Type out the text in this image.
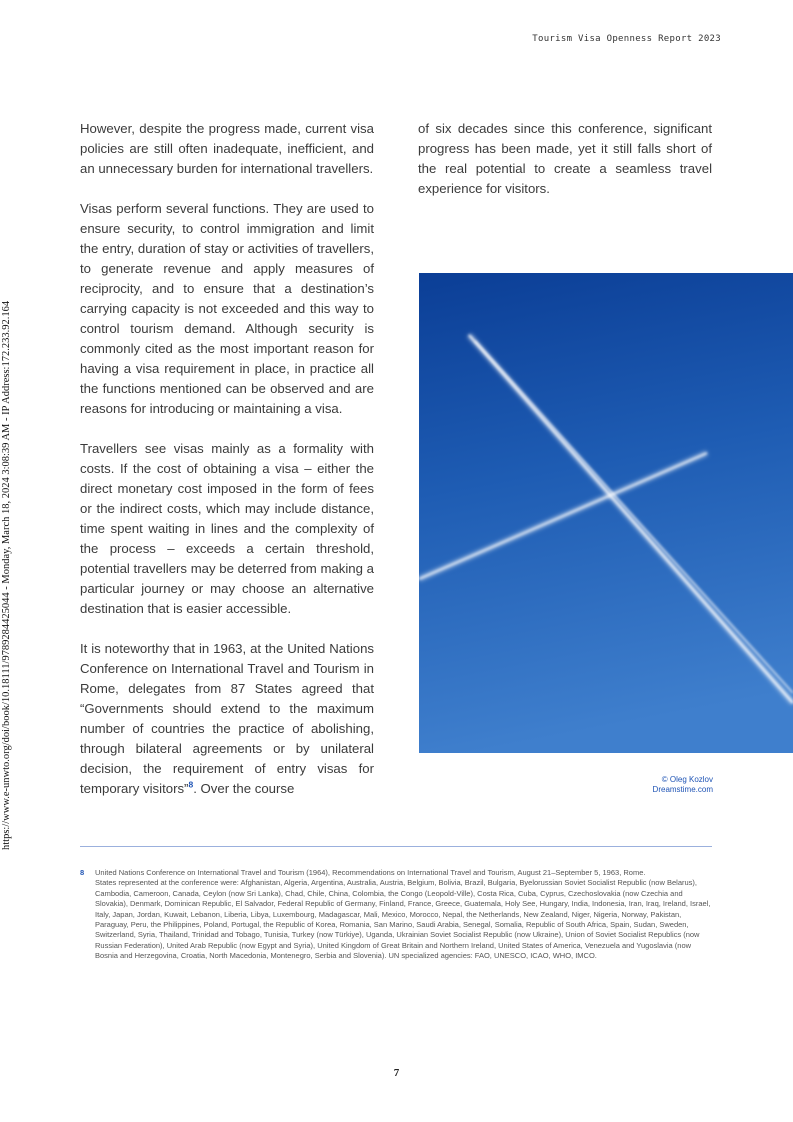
Tourism Visa Openness Report 2023
https://www.e-unwto.org/doi/book/10.18111/9789284425044 - Monday, March 18, 2024 3:08:39 AM - IP Address:172.233.92.164

However, despite the progress made, current visa policies are still often inadequate, inefficient, and an unnecessary burden for international travellers.

Visas perform several functions. They are used to ensure security, to control immigration and limit the entry, duration of stay or activities of travellers, to generate revenue and apply measures of reciprocity, and to ensure that a destination’s carrying capacity is not exceeded and this way to control tourism demand. Although security is commonly cited as the most important reason for having a visa requirement in place, in practice all the functions mentioned can be observed and are reasons for introducing or maintaining a visa.

Travellers see visas mainly as a formality with costs. If the cost of obtaining a visa – either the direct monetary cost imposed in the form of fees or the indirect costs, which may include distance, time spent waiting in lines and the complexity of the process – exceeds a certain threshold, potential travellers may be deterred from making a particular journey or may choose an alternative destination that is easier accessible.

It is noteworthy that in 1963, at the United Nations Conference on International Travel and Tourism in Rome, delegates from 87 States agreed that “Governments should extend to the maximum number of countries the practice of abolishing, through bilateral agreements or by unilateral decision, the requirement of entry visas for temporary visitors”$^8$. Over the course

of six decades since this conference, significant progress has been made, yet it still falls short of the real potential to create a seamless travel experience for visitors.

© Oleg Kozlov
Dreamstime.com
8 United Nations Conference on International Travel and Tourism (1964), Recommendations on International Travel and Tourism, August 21–September 5, 1963, Rome.
States represented at the conference were: Afghanistan, Algeria, Argentina, Australia, Austria, Belgium, Bolivia, Brazil, Bulgaria, Byelorussian Soviet Socialist Republic (now Belarus), Cambodia, Cameroon, Canada, Ceylon (now Sri Lanka), Chad, Chile, China, Colombia, the Congo (Leopold-Ville), Costa Rica, Cuba, Cyprus, Czechoslovakia (now Czechia and Slovakia), Denmark, Dominican Republic, El Salvador, Federal Republic of Germany, Finland, France, Greece, Guatemala, Holy See, Hungary, India, Indonesia, Iran, Iraq, Ireland, Israel, Italy, Japan, Jordan, Kuwait, Lebanon, Liberia, Libya, Luxembourg, Madagascar, Mali, Mexico, Morocco, Nepal, the Netherlands, New Zealand, Niger, Nigeria, Norway, Pakistan, Paraguay, Peru, the Philippines, Poland, Portugal, the Republic of Korea, Romania, San Marino, Saudi Arabia, Senegal, Somalia, Republic of South Africa, Spain, Sudan, Sweden, Switzerland, Syria, Thailand, Trinidad and Tobago, Tunisia, Turkey (now Türkiye), Uganda, Ukrainian Soviet Socialist Republic (now Ukraine), Union of Soviet Socialist Republics (now Russian Federation), United Arab Republic (now Egypt and Syria), United Kingdom of Great Britain and Northern Ireland, United States of America, Venezuela and Yugoslavia (now Bosnia and Herzegovina, Croatia, North Macedonia, Montenegro, Serbia and Slovenia). UN specialized agencies: FAO, UNESCO, ICAO, WHO, IMCO.
7
